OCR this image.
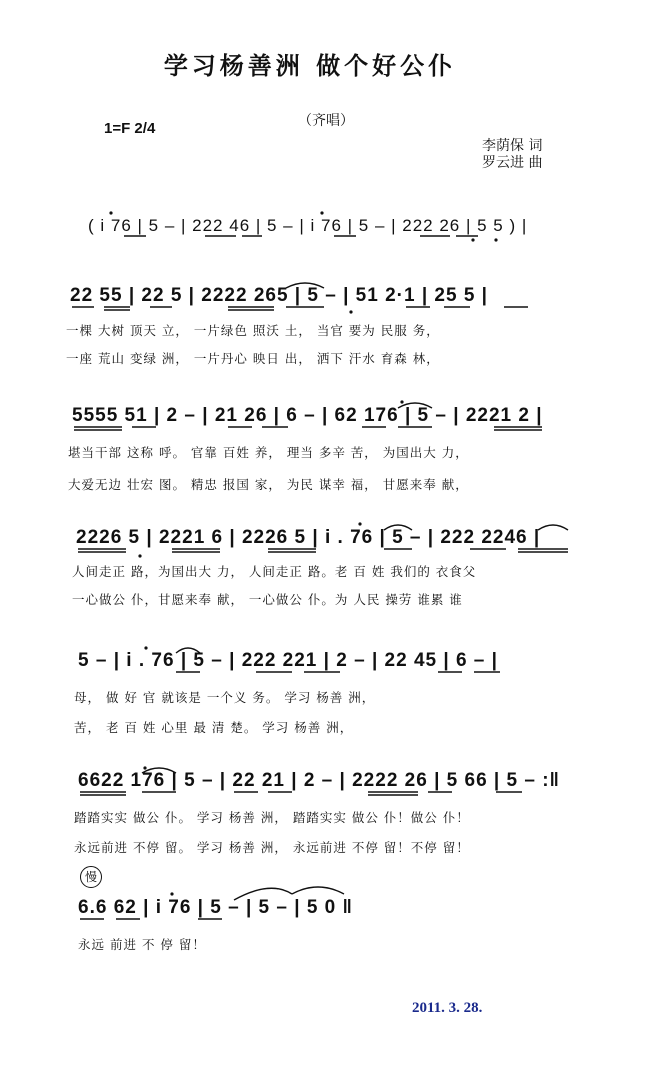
学习杨善洲 做个好公仆
（齐唱）
1=F 2/4
李荫保 词
罗云进 曲
( i 76 | 5 – | 222 46 | 5 – | i 76 | 5 – | 222 26 | 5 5 ) |
22 55 | 22 5 | 2222 265 | 5 – | 51 2·1 | 25 5 |
一棵 大树 顶天 立， 一片绿色 照沃 土， 当官 要为 民服 务，
一座 荒山 变绿 洲， 一片丹心 映日 出， 洒下 汗水 育森 林，
5555 51 | 2 – | 21 26 | 6 – | 62 176 | 5 – | 2221 2 |
堪当干部 这称 呼。 官靠 百姓 养， 理当 多辛 苦， 为国出大 力，
大爱无边 壮宏 图。 精忠 报国 家， 为民 谋幸 福， 甘愿来奉 献，
2226 5 | 2221 6 | 2226 5 | i . 76 | 5 – | 222 2246 |
人间走正 路，为国出大 力， 人间走正 路。老 百 姓 我们的 衣食父
一心做公 仆，甘愿来奉 献， 一心做公 仆。为 人民 操劳 谁累 谁
5 – | i . 76 | 5 – | 222 221 | 2 – | 22 45 | 6 – |
母， 做 好 官 就该是 一个义 务。 学习 杨善 洲，
苦， 老 百 姓 心里 最 清 楚。 学习 杨善 洲，
6622 176 | 5 – | 22 21 | 2 – | 2222 26 | 5 66 | 5 – :‖
踏踏实实 做公 仆。 学习 杨善 洲， 踏踏实实 做公 仆！做公 仆！
永远前进 不停 留。 学习 杨善 洲， 永远前进 不停 留！不停 留！
慢
6.6 62 | i 76 | 5 – | 5 – | 5 0 ‖
永远 前进 不 停 留！
2011. 3. 28.
